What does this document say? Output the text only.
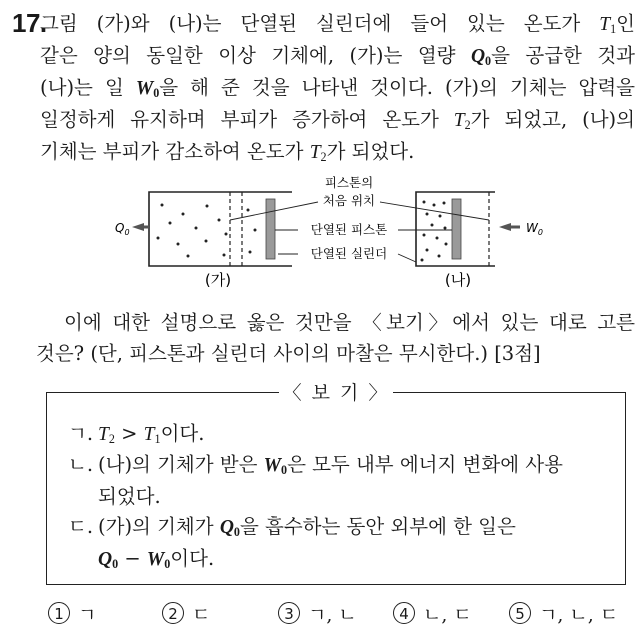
17.
그림 (가)와 (나)는 단열된 실린더에 들어 있는 온도가 $T_1$인
같은 양의 동일한 이상 기체에, (가)는 열량 $Q_0$을 공급한 것과
(나)는 일 $W_0$을 해 준 것을 나타낸 것이다. (가)의 기체는 압력을
일정하게 유지하며 부피가 증가하여 온도가 $T_2$가 되었고, (나)의
기체는 부피가 감소하여 온도가 $T_2$가 되었다.
$Q_0$	$W_0$
피스톤의
처음 위치
단열된 피스톤
단열된 실린더
(가)	(나)
이에 대한 설명으로 옳은 것만을 〈보기〉에서 있는 대로 고른
것은? (단, 피스톤과 실린더 사이의 마찰은 무시한다.) [3점]
〈 보 기 〉
ㄱ. $T_2 > T_1$이다.
ㄴ. (나)의 기체가 받은 $W_0$은 모두 내부 에너지 변화에 사용
되었다.
ㄷ. (가)의 기체가 $Q_0$을 흡수하는 동안 외부에 한 일은
$Q_0 - W_0$이다.
1 ㄱ	2 ㄷ	3 ㄱ, ㄴ	4 ㄴ, ㄷ	5 ㄱ, ㄴ, ㄷ
